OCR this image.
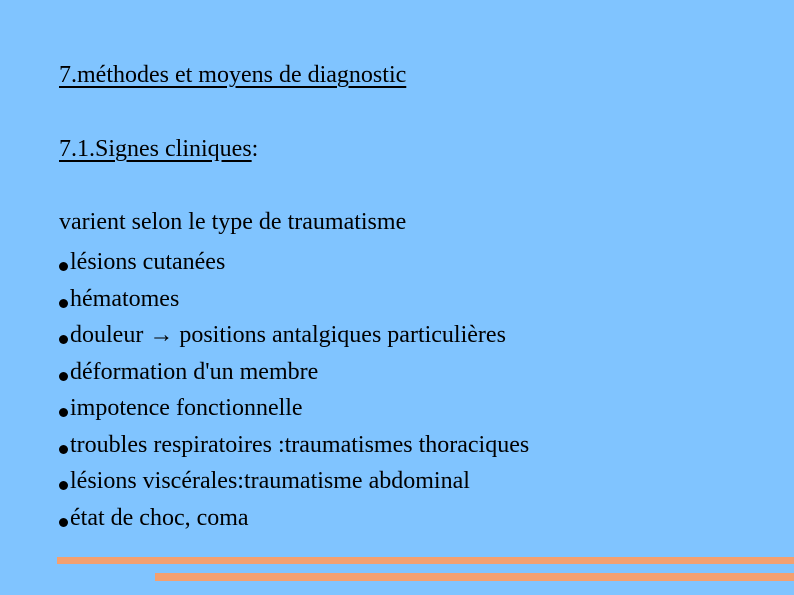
7.méthodes et moyens de diagnostic
7.1.Signes cliniques:
varient selon le type de traumatisme
lésions cutanées
hématomes
douleur → positions antalgiques particulières
déformation d'un membre
impotence fonctionnelle
troubles respiratoires :traumatismes thoraciques
lésions viscérales:traumatisme abdominal
état de choc, coma
